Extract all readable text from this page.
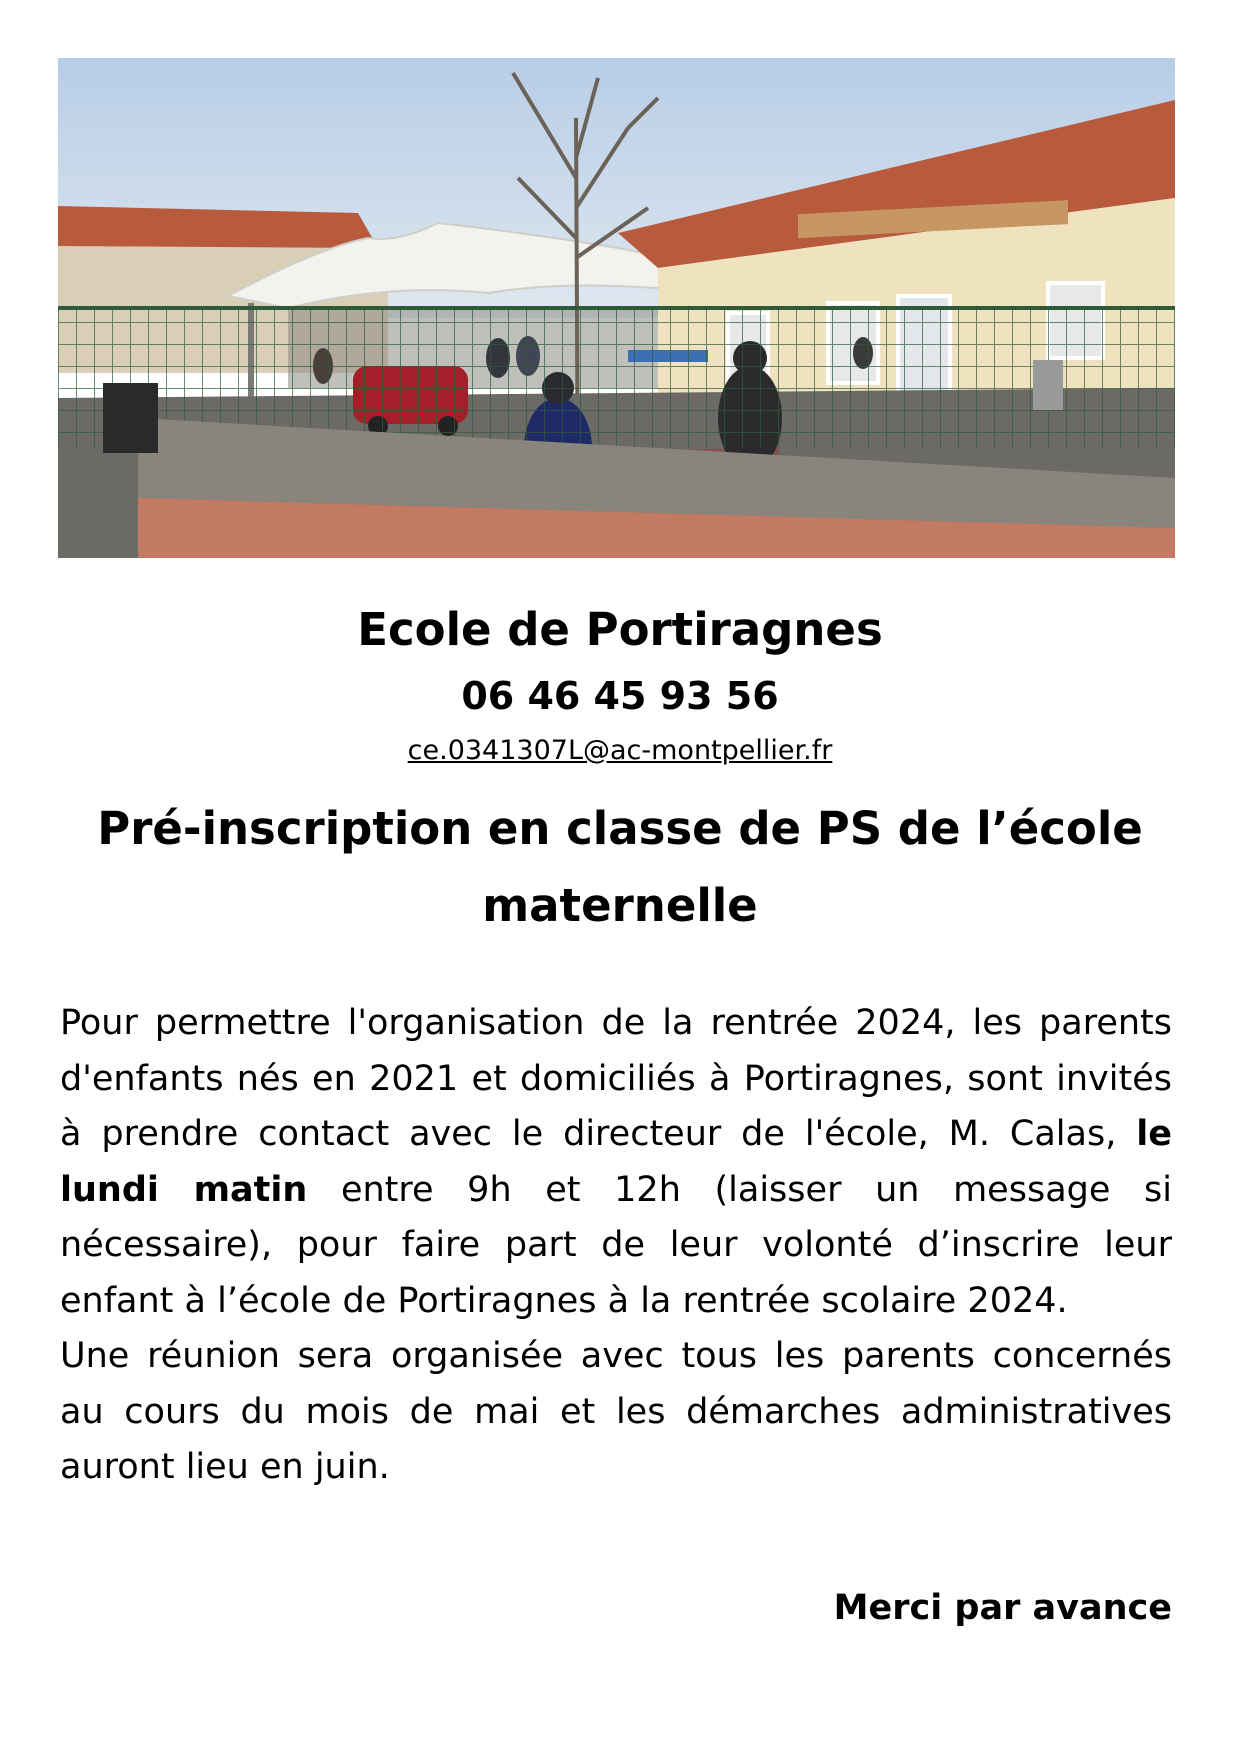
Ecole de Portiragnes
06 46 45 93 56
ce.0341307L@ac-montpellier.fr
Pré-inscription en classe de PS de l’école maternelle

Pour permettre l'organisation de la rentrée 2024, les parents d'enfants nés en 2021 et domiciliés à Portiragnes, sont invités à prendre contact avec le directeur de l'école, M. Calas, le lundi matin entre 9h et 12h (laisser un message si nécessaire), pour faire part de leur volonté d’inscrire leur enfant à l’école de Portiragnes à la rentrée scolaire 2024.
Une réunion sera organisée avec tous les parents concernés au cours du mois de mai et les démarches administratives auront lieu en juin.

Merci par avance
